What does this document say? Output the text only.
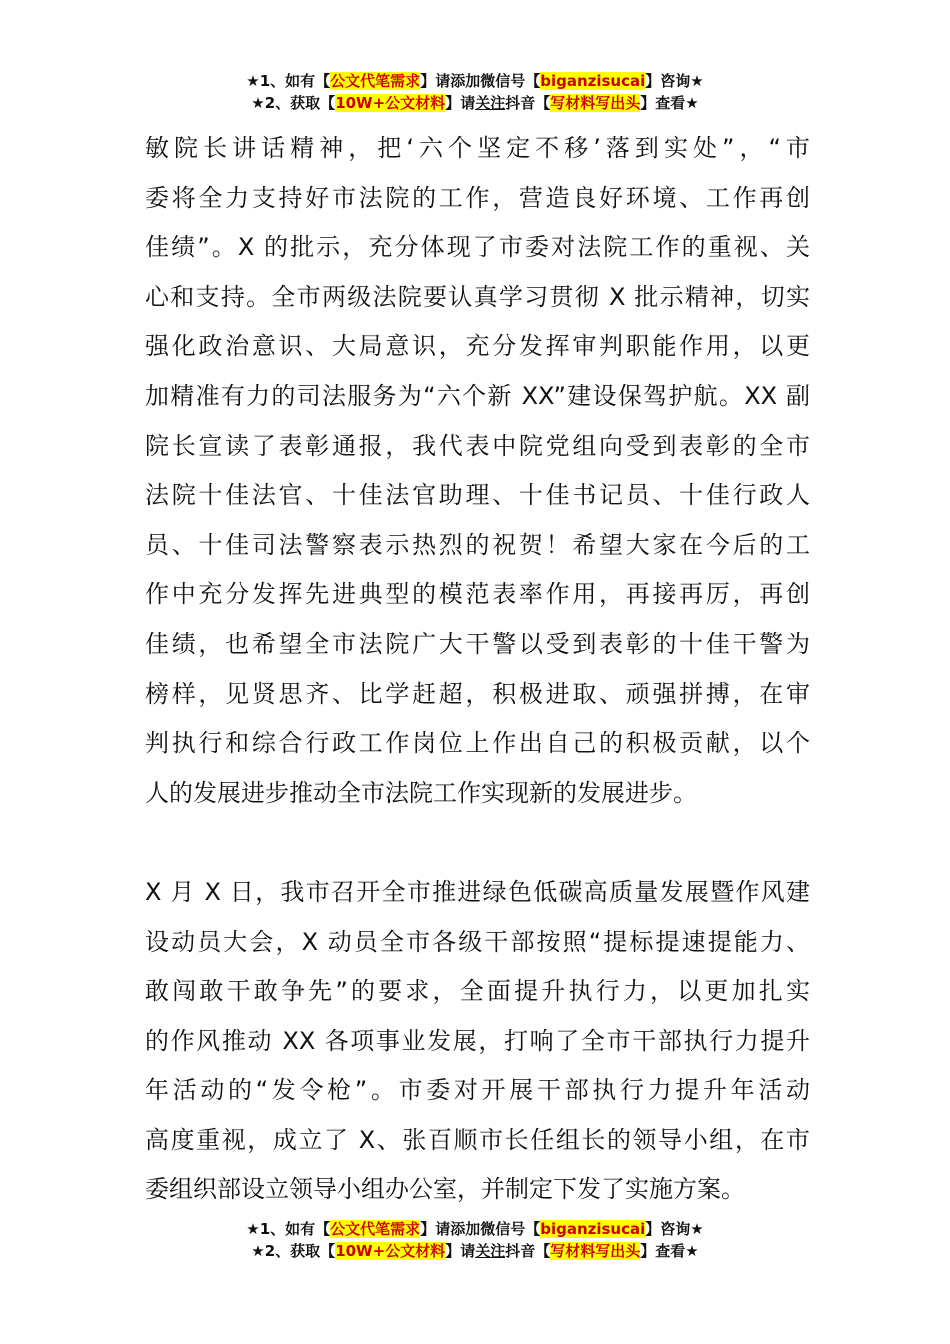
★1、如有【公文代笔需求】请添加微信号【biganzisucai】咨询★
★2、获取【10W+公文材料】请关注抖音【写材料写出头】查看★
敏院长讲话精神，把‘六个坚定不移’落到实处”，“市
委将全力支持好市法院的工作，营造良好环境、工作再创
佳绩”。X 的批示，充分体现了市委对法院工作的重视、关
心和支持。全市两级法院要认真学习贯彻 X 批示精神，切实
强化政治意识、大局意识，充分发挥审判职能作用，以更
加精准有力的司法服务为“六个新 XX”建设保驾护航。XX 副
院长宣读了表彰通报，我代表中院党组向受到表彰的全市
法院十佳法官、十佳法官助理、十佳书记员、十佳行政人
员、十佳司法警察表示热烈的祝贺！希望大家在今后的工
作中充分发挥先进典型的模范表率作用，再接再厉，再创
佳绩，也希望全市法院广大干警以受到表彰的十佳干警为
榜样，见贤思齐、比学赶超，积极进取、顽强拼搏，在审
判执行和综合行政工作岗位上作出自己的积极贡献，以个
人的发展进步推动全市法院工作实现新的发展进步。
X 月 X 日，我市召开全市推进绿色低碳高质量发展暨作风建
设动员大会，X 动员全市各级干部按照“提标提速提能力、
敢闯敢干敢争先”的要求，全面提升执行力，以更加扎实
的作风推动 XX 各项事业发展，打响了全市干部执行力提升
年活动的“发令枪”。市委对开展干部执行力提升年活动
高度重视，成立了 X、张百顺市长任组长的领导小组，在市
委组织部设立领导小组办公室，并制定下发了实施方案。
★1、如有【公文代笔需求】请添加微信号【biganzisucai】咨询★
★2、获取【10W+公文材料】请关注抖音【写材料写出头】查看★
